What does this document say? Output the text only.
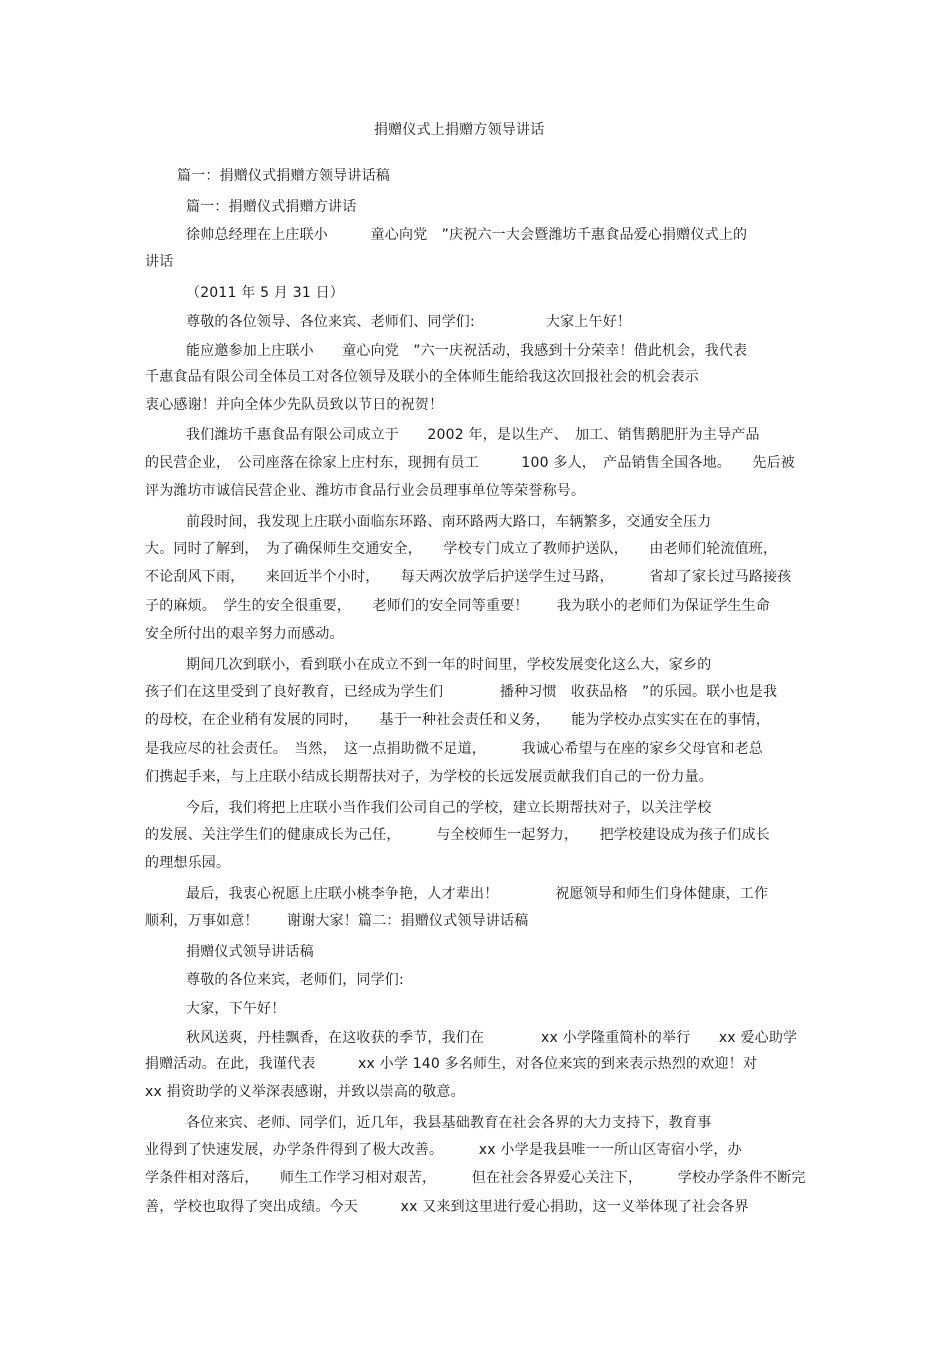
捐赠仪式上捐赠方领导讲话
篇一：捐赠仪式捐赠方领导讲话稿
篇一：捐赠仪式捐赠方讲话
徐帅总经理在上庄联小　　　童心向党　”庆祝六一大会暨潍坊千惠食品爱心捐赠仪式上的
讲话
（2011 年 5 月 31 日）
尊敬的各位领导、各位来宾、老师们、同学们:　　　　　大家上午好！
能应邀参加上庄联小　　童心向党　”六一庆祝活动，我感到十分荣幸！借此机会，我代表
千惠食品有限公司全体员工对各位领导及联小的全体师生能给我这次回报社会的机会表示
衷心感谢！并向全体少先队员致以节日的祝贺！
我们潍坊千惠食品有限公司成立于　　2002 年，是以生产、　加工、销售鹅肥肝为主导产品
的民营企业，　公司座落在徐家上庄村东，现拥有员工　　　100 多人，　产品销售全国各地。　　先后被
评为潍坊市诚信民营企业、潍坊市食品行业会员理事单位等荣誉称号。
前段时间，我发现上庄联小面临东环路、南环路两大路口，车辆繁多，交通安全压力
大。同时了解到，　为了确保师生交通安全，　　学校专门成立了教师护送队，　　由老师们轮流值班，
不论刮风下雨，　　来回近半个小时，　　每天两次放学后护送学生过马路，　　　省却了家长过马路接孩
子的麻烦。　学生的安全很重要，　　老师们的安全同等重要！　　我为联小的老师们为保证学生生命
安全所付出的艰辛努力而感动。
期间几次到联小，看到联小在成立不到一年的时间里，学校发展变化这么大，家乡的
孩子们在这里受到了良好教育，已经成为学生们　　　　播种习惯　收获品格　”的乐园。联小也是我
的母校，在企业稍有发展的同时，　　基于一种社会责任和义务，　　能为学校办点实实在在的事情，
是我应尽的社会责任。　当然，　这一点捐助微不足道，　　　我诚心希望与在座的家乡父母官和老总
们携起手来，与上庄联小结成长期帮扶对子，为学校的长远发展贡献我们自己的一份力量。
今后，我们将把上庄联小当作我们公司自己的学校，建立长期帮扶对子，以关注学校
的发展、关注学生们的健康成长为己任，　　　与全校师生一起努力，　　把学校建设成为孩子们成长
的理想乐园。
最后，我衷心祝愿上庄联小桃李争艳，人才辈出！　　　　祝愿领导和师生们身体健康，工作
顺利，万事如意！　　谢谢大家！篇二：捐赠仪式领导讲话稿
捐赠仪式领导讲话稿
尊敬的各位来宾，老师们，同学们:
大家，下午好！
秋风送爽，丹桂飘香，在这收获的季节，我们在　　　　xx 小学隆重简朴的举行　　xx 爱心助学
捐赠活动。在此，我谨代表　　　xx 小学 140 多名师生，对各位来宾的到来表示热烈的欢迎！对
xx 捐资助学的义举深表感谢，并致以崇高的敬意。
各位来宾、老师、同学们，近几年，我县基础教育在社会各界的大力支持下，教育事
业得到了快速发展，办学条件得到了极大改善。　　　xx 小学是我县唯一一所山区寄宿小学，办
学条件相对落后，　　师生工作学习相对艰苦，　　　但在社会各界爱心关注下，　　　学校办学条件不断完
善，学校也取得了突出成绩。今天　　　xx 又来到这里进行爱心捐助，这一义举体现了社会各界
